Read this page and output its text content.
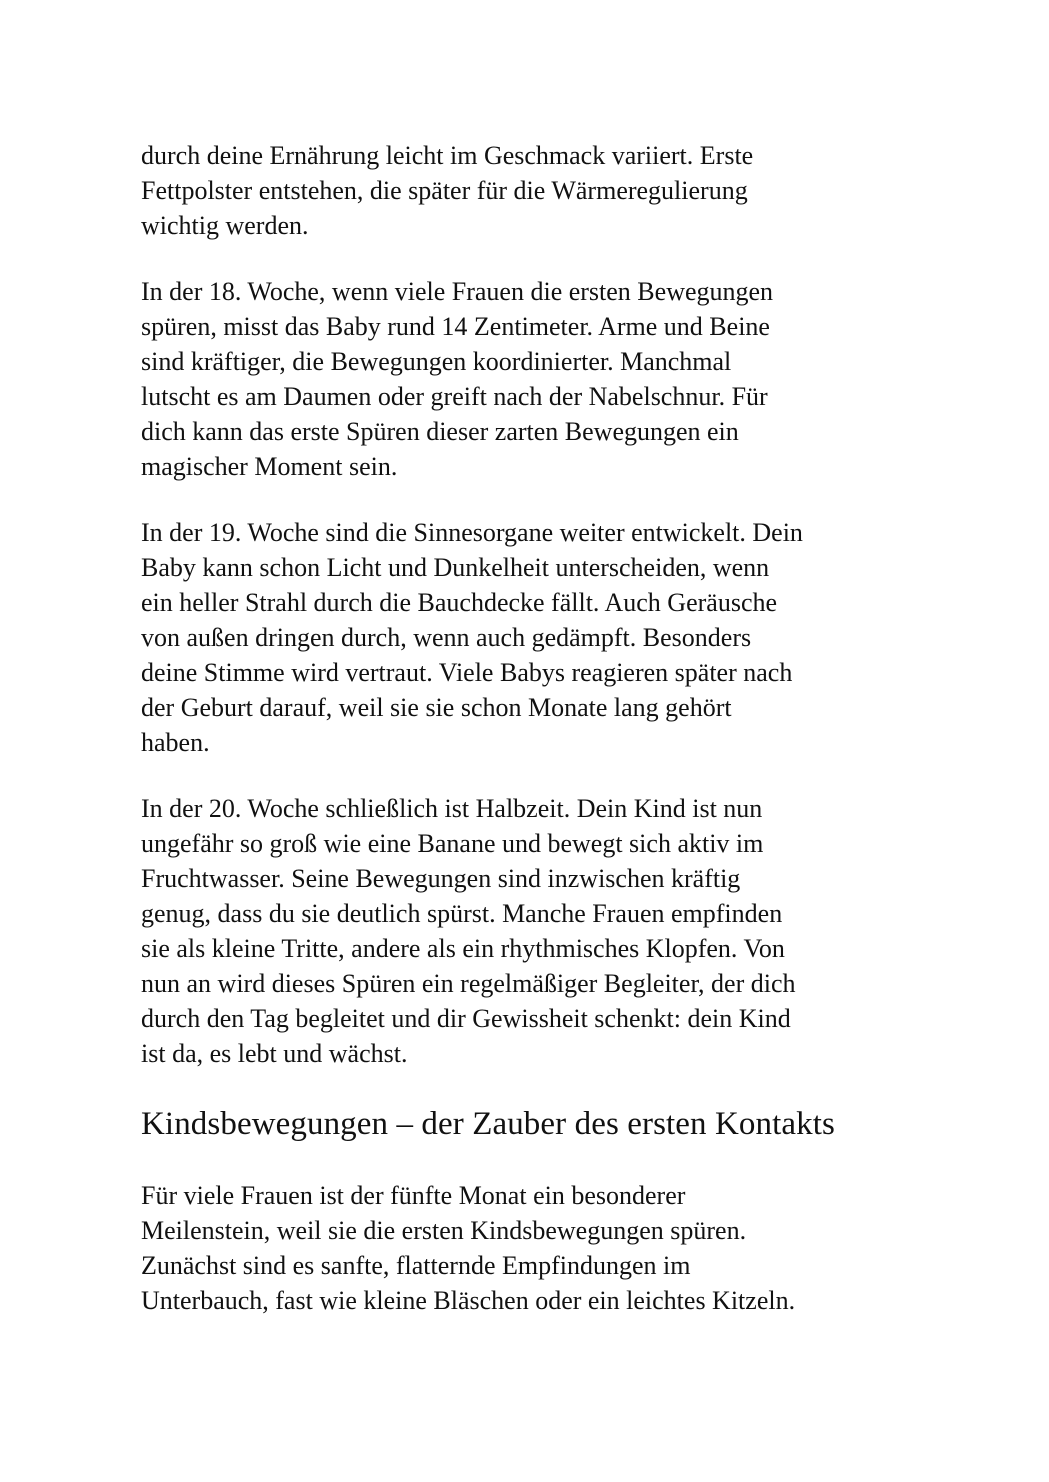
durch deine Ernährung leicht im Geschmack variiert. Erste
Fettpolster entstehen, die später für die Wärmeregulierung
wichtig werden.

In der 18. Woche, wenn viele Frauen die ersten Bewegungen
spüren, misst das Baby rund 14 Zentimeter. Arme und Beine
sind kräftiger, die Bewegungen koordinierter. Manchmal
lutscht es am Daumen oder greift nach der Nabelschnur. Für
dich kann das erste Spüren dieser zarten Bewegungen ein
magischer Moment sein.

In der 19. Woche sind die Sinnesorgane weiter entwickelt. Dein
Baby kann schon Licht und Dunkelheit unterscheiden, wenn
ein heller Strahl durch die Bauchdecke fällt. Auch Geräusche
von außen dringen durch, wenn auch gedämpft. Besonders
deine Stimme wird vertraut. Viele Babys reagieren später nach
der Geburt darauf, weil sie sie schon Monate lang gehört
haben.

In der 20. Woche schließlich ist Halbzeit. Dein Kind ist nun
ungefähr so groß wie eine Banane und bewegt sich aktiv im
Fruchtwasser. Seine Bewegungen sind inzwischen kräftig
genug, dass du sie deutlich spürst. Manche Frauen empfinden
sie als kleine Tritte, andere als ein rhythmisches Klopfen. Von
nun an wird dieses Spüren ein regelmäßiger Begleiter, der dich
durch den Tag begleitet und dir Gewissheit schenkt: dein Kind
ist da, es lebt und wächst.

Kindsbewegungen – der Zauber des ersten Kontakts

Für viele Frauen ist der fünfte Monat ein besonderer
Meilenstein, weil sie die ersten Kindsbewegungen spüren.
Zunächst sind es sanfte, flatternde Empfindungen im
Unterbauch, fast wie kleine Bläschen oder ein leichtes Kitzeln.
